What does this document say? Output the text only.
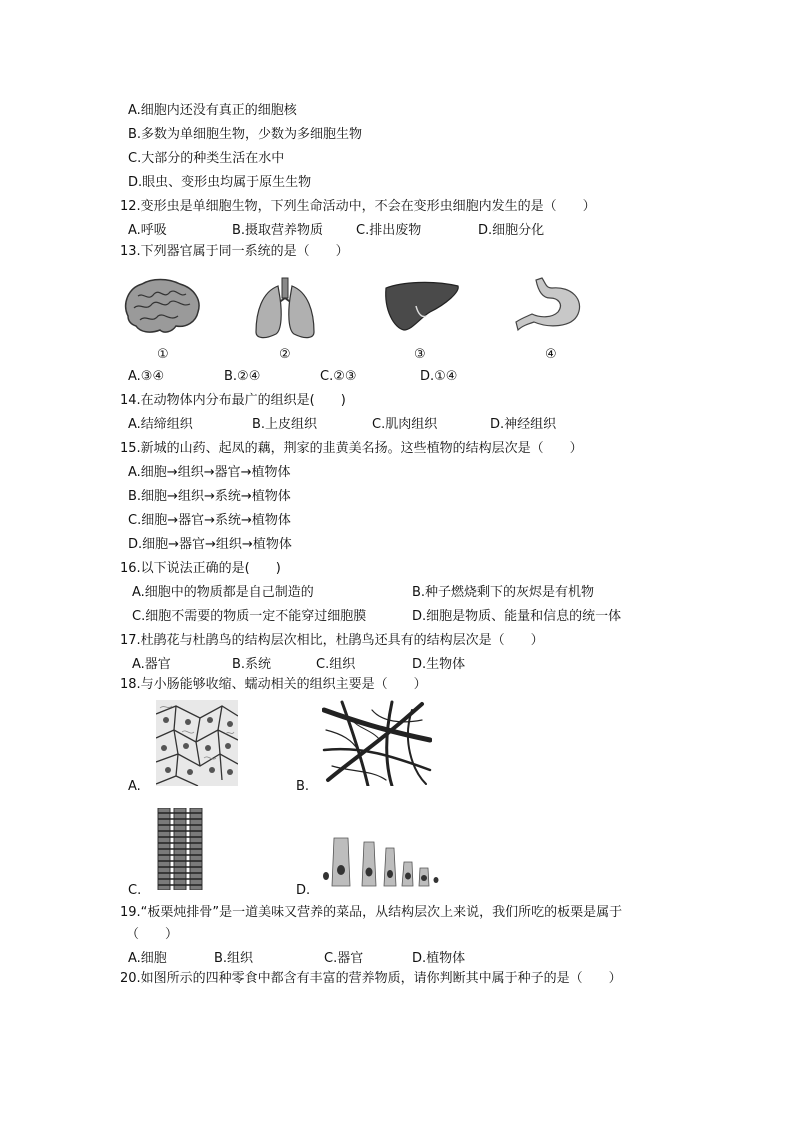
A.细胞内还没有真正的细胞核
B.多数为单细胞生物，少数为多细胞生物
C.大部分的种类生活在水中
D.眼虫、变形虫均属于原生生物
12.变形虫是单细胞生物，下列生命活动中，不会在变形虫细胞内发生的是（　　）
A.呼吸	B.摄取营养物质	C.排出废物	D.细胞分化
13.下列器官属于同一系统的是（　　）
①	②	③	④
A.③④	B.②④	C.②③	D.①④
14.在动物体内分布最广的组织是(　　)
A.结缔组织	B.上皮组织	C.肌肉组织	D.神经组织
15.新城的山药、起凤的藕，荆家的韭黄美名扬。这些植物的结构层次是（　　）
A.细胞→组织→器官→植物体
B.细胞→组织→系统→植物体
C.细胞→器官→系统→植物体
D.细胞→器官→组织→植物体
16.以下说法正确的是(　　)
A.细胞中的物质都是自己制造的	B.种子燃烧剩下的灰烬是有机物
C.细胞不需要的物质一定不能穿过细胞膜	D.细胞是物质、能量和信息的统一体
17.杜鹃花与杜鹃鸟的结构层次相比，杜鹃鸟还具有的结构层次是（　　）
A.器官	B.系统	C.组织	D.生物体
18.与小肠能够收缩、蠕动相关的组织主要是（　　）
A.	B.
C.	D.
19.“板栗炖排骨”是一道美味又营养的菜品，从结构层次上来说，我们所吃的板栗是属于
（　　）
A.细胞	B.组织	C.器官	D.植物体
20.如图所示的四种零食中都含有丰富的营养物质，请你判断其中属于种子的是（　　）
